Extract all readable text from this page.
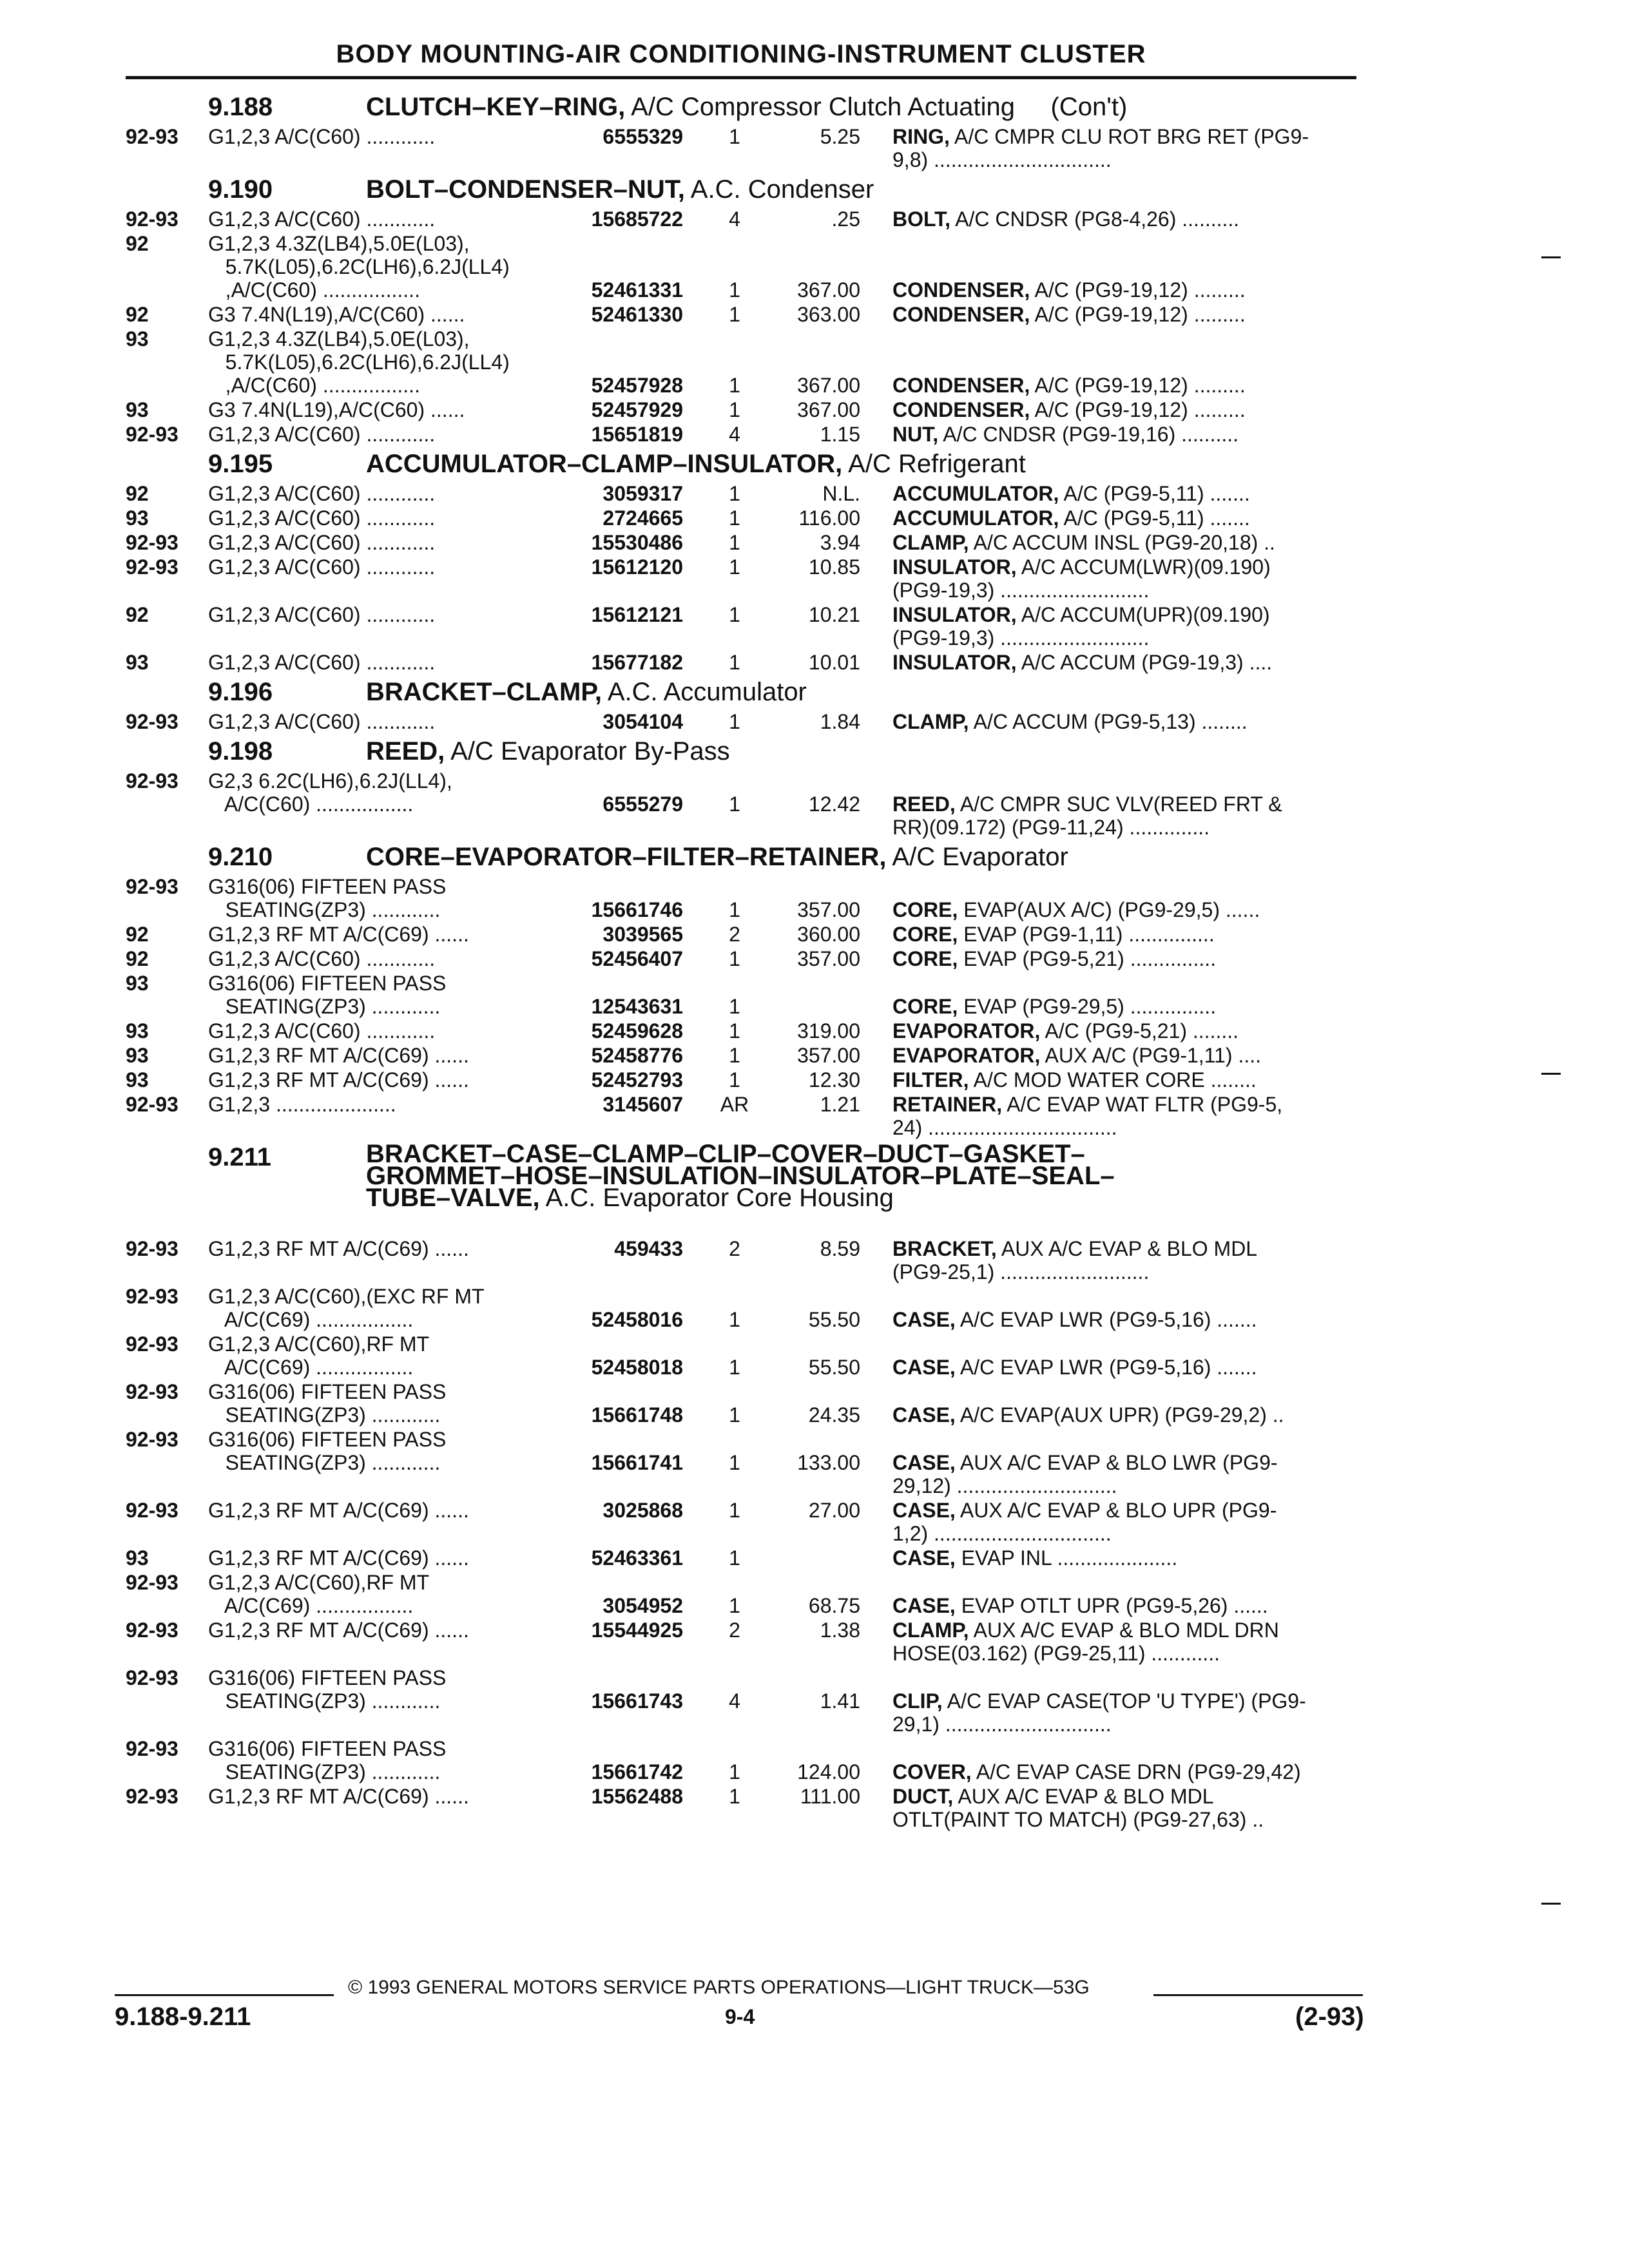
BODY MOUNTING-AIR CONDITIONING-INSTRUMENT CLUSTER
9.188	CLUTCH–KEY–RING, A/C Compressor Clutch Actuating     (Con't)
92-93 G1,2,3 A/C(C60) ............	6555329	1	5.25 RING, A/C CMPR CLU ROT BRG RET (PG9-
9,8) ...............................
9.190	BOLT–CONDENSER–NUT, A.C. Condenser
92-93 G1,2,3 A/C(C60) ............	15685722	4	.25 BOLT, A/C CNDSR (PG8-4,26) ..........
92	G1,2,3 4.3Z(LB4),5.0E(L03),
5.7K(L05),6.2C(LH6),6.2J(LL4)
,A/C(C60) .................	52461331	1	367.00 CONDENSER, A/C (PG9-19,12) .........
92	G3 7.4N(L19),A/C(C60) ......	52461330	1	363.00 CONDENSER, A/C (PG9-19,12) .........
93	G1,2,3 4.3Z(LB4),5.0E(L03),
5.7K(L05),6.2C(LH6),6.2J(LL4)
,A/C(C60) .................	52457928	1	367.00 CONDENSER, A/C (PG9-19,12) .........
93	G3 7.4N(L19),A/C(C60) ......	52457929	1	367.00 CONDENSER, A/C (PG9-19,12) .........
92-93 G1,2,3 A/C(C60) ............	15651819	4	1.15 NUT, A/C CNDSR (PG9-19,16) ..........
9.195	ACCUMULATOR–CLAMP–INSULATOR, A/C Refrigerant
92	G1,2,3 A/C(C60) ............	3059317	1	N.L. ACCUMULATOR, A/C (PG9-5,11) .......
93	G1,2,3 A/C(C60) ............	2724665	1	116.00 ACCUMULATOR, A/C (PG9-5,11) .......
92-93 G1,2,3 A/C(C60) ............	15530486	1	3.94 CLAMP, A/C ACCUM INSL (PG9-20,18) ..
92-93 G1,2,3 A/C(C60) ............	15612120	1	10.85 INSULATOR, A/C ACCUM(LWR)(09.190)
(PG9-19,3) ..........................
92	G1,2,3 A/C(C60) ............	15612121	1	10.21 INSULATOR, A/C ACCUM(UPR)(09.190)
(PG9-19,3) ..........................
93	G1,2,3 A/C(C60) ............	15677182	1	10.01 INSULATOR, A/C ACCUM (PG9-19,3) ....
9.196	BRACKET–CLAMP, A.C. Accumulator
92-93 G1,2,3 A/C(C60) ............	3054104	1	1.84 CLAMP, A/C ACCUM (PG9-5,13) ........
9.198	REED, A/C Evaporator By-Pass
92-93 G2,3 6.2C(LH6),6.2J(LL4),
A/C(C60) .................	6555279	1	12.42 REED, A/C CMPR SUC VLV(REED FRT &
RR)(09.172) (PG9-11,24) ..............
9.210	CORE–EVAPORATOR–FILTER–RETAINER, A/C Evaporator
92-93 G316(06) FIFTEEN PASS
SEATING(ZP3) ............	15661746	1	357.00 CORE, EVAP(AUX A/C) (PG9-29,5) ......
92	G1,2,3 RF MT A/C(C69) ......	3039565	2	360.00 CORE, EVAP (PG9-1,11) ...............
92	G1,2,3 A/C(C60) ............	52456407	1	357.00 CORE, EVAP (PG9-5,21) ...............
93	G316(06) FIFTEEN PASS
SEATING(ZP3) ............	12543631	1	CORE, EVAP (PG9-29,5) ...............
93	G1,2,3 A/C(C60) ............	52459628	1	319.00 EVAPORATOR, A/C (PG9-5,21) ........
93	G1,2,3 RF MT A/C(C69) ......	52458776	1	357.00 EVAPORATOR, AUX A/C (PG9-1,11) ....
93	G1,2,3 RF MT A/C(C69) ......	52452793	1	12.30 FILTER, A/C MOD WATER CORE ........
92-93 G1,2,3 .....................	3145607	AR	1.21 RETAINER, A/C EVAP WAT FLTR (PG9-5,
24) .................................
9.211	BRACKET–CASE–CLAMP–CLIP–COVER–DUCT–GASKET–
GROMMET–HOSE–INSULATION–INSULATOR–PLATE–SEAL–
TUBE–VALVE, A.C. Evaporator Core Housing
92-93 G1,2,3 RF MT A/C(C69) ......	459433	2	8.59 BRACKET, AUX A/C EVAP & BLO MDL
(PG9-25,1) ..........................
92-93 G1,2,3 A/C(C60),(EXC RF MT
A/C(C69) .................	52458016	1	55.50 CASE, A/C EVAP LWR (PG9-5,16) .......
92-93 G1,2,3 A/C(C60),RF MT
A/C(C69) .................	52458018	1	55.50 CASE, A/C EVAP LWR (PG9-5,16) .......
92-93 G316(06) FIFTEEN PASS
SEATING(ZP3) ............	15661748	1	24.35 CASE, A/C EVAP(AUX UPR) (PG9-29,2) ..
92-93 G316(06) FIFTEEN PASS
SEATING(ZP3) ............	15661741	1	133.00 CASE, AUX A/C EVAP & BLO LWR (PG9-
29,12) ............................
92-93 G1,2,3 RF MT A/C(C69) ......	3025868	1	27.00 CASE, AUX A/C EVAP & BLO UPR (PG9-
1,2) ...............................
93	G1,2,3 RF MT A/C(C69) ......	52463361	1	CASE, EVAP INL .....................
92-93 G1,2,3 A/C(C60),RF MT
A/C(C69) .................	3054952	1	68.75 CASE, EVAP OTLT UPR (PG9-5,26) ......
92-93 G1,2,3 RF MT A/C(C69) ......	15544925	2	1.38 CLAMP, AUX A/C EVAP & BLO MDL DRN
HOSE(03.162) (PG9-25,11) ............
92-93 G316(06) FIFTEEN PASS
SEATING(ZP3) ............	15661743	4	1.41 CLIP, A/C EVAP CASE(TOP 'U TYPE') (PG9-
29,1) .............................
92-93 G316(06) FIFTEEN PASS
SEATING(ZP3) ............	15661742	1	124.00 COVER, A/C EVAP CASE DRN (PG9-29,42)
92-93 G1,2,3 RF MT A/C(C69) ......	15562488	1	111.00 DUCT, AUX A/C EVAP & BLO MDL
OTLT(PAINT TO MATCH) (PG9-27,63) ..
© 1993 GENERAL MOTORS SERVICE PARTS OPERATIONS—LIGHT TRUCK—53G
9.188-9.211	9-4	(2-93)
